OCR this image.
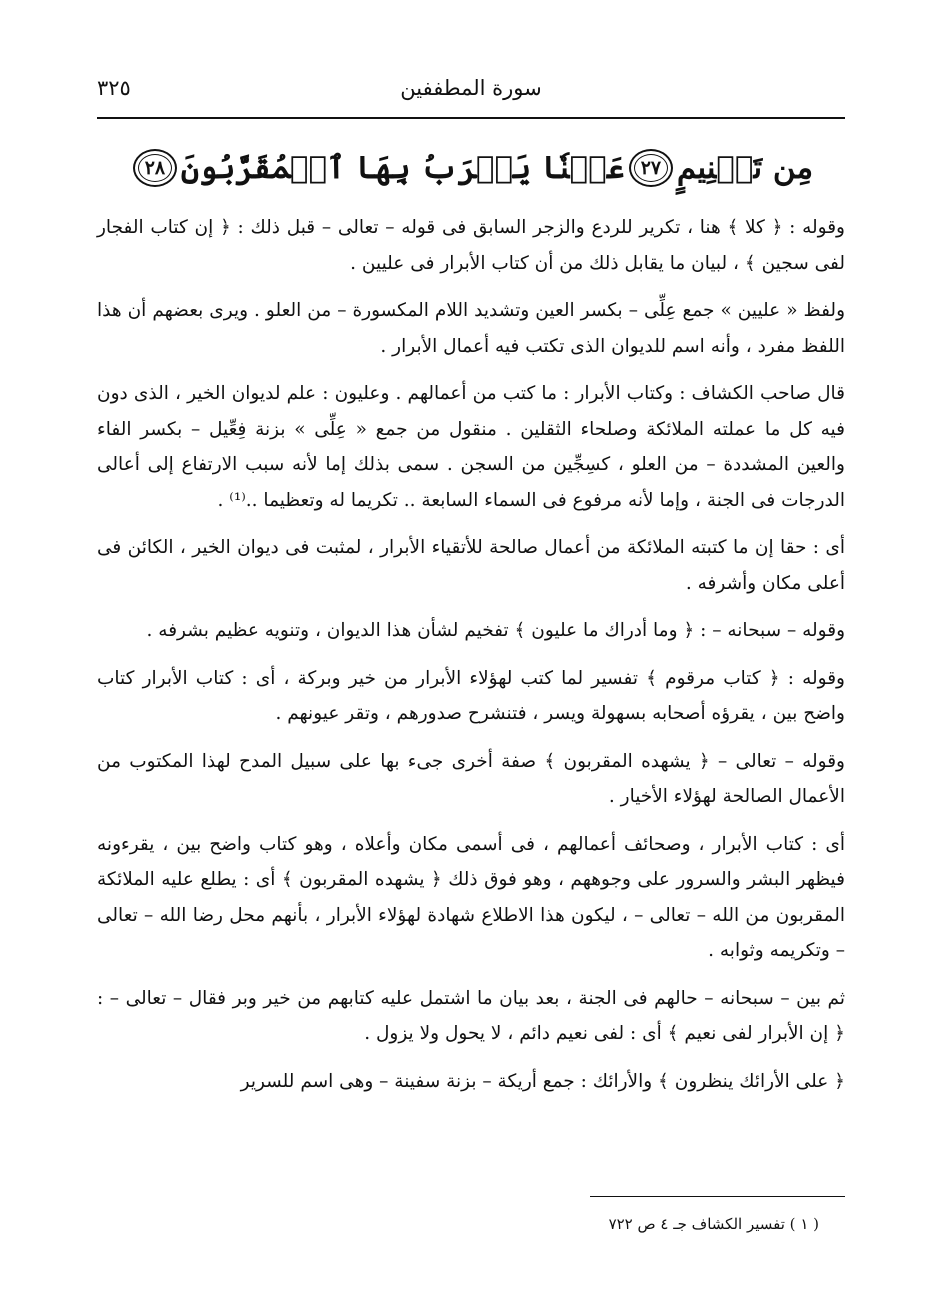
سورة المطففين
٣٢٥
مِن تَسۡنِيمٍ
٢٧
عَيۡنٗا يَشۡرَبُ بِهَا ٱلۡمُقَرَّبُونَ
٢٨

وقوله : ﴿ كلا ﴾ هنا ، تكرير للردع والزجر السابق فى قوله – تعالى – قبل ذلك : ﴿ إن كتاب الفجار لفى سجين ﴾ ، لبيان ما يقابل ذلك من أن كتاب الأبرار فى عليين .

ولفظ « عليين » جمع عِلِّى – بكسر العين وتشديد اللام المكسورة – من العلو . ويرى بعضهم أن هذا اللفظ مفرد ، وأنه اسم للديوان الذى تكتب فيه أعمال الأبرار .

قال صاحب الكشاف : وكتاب الأبرار : ما كتب من أعمالهم . وعليون : علم لديوان الخير ، الذى دون فيه كل ما عملته الملائكة وصلحاء الثقلين . منقول من جمع « عِلِّى » بزنة فِعِّيل – بكسر الفاء والعين المشددة – من العلو ، كسِجِّين من السجن . سمى بذلك إما لأنه سبب الارتفاع إلى أعالى الدرجات فى الجنة ، وإما لأنه مرفوع فى السماء السابعة .. تكريما له وتعظيما ..⁽¹⁾ .

أى : حقا إن ما كتبته الملائكة من أعمال صالحة للأتقياء الأبرار ، لمثبت فى ديوان الخير ، الكائن فى أعلى مكان وأشرفه .

وقوله – سبحانه – : ﴿ وما أدراك ما عليون ﴾ تفخيم لشأن هذا الديوان ، وتنويه عظيم بشرفه .

وقوله : ﴿ كتاب مرقوم ﴾ تفسير لما كتب لهؤلاء الأبرار من خير وبركة ، أى : كتاب الأبرار كتاب واضح بين ، يقرؤه أصحابه بسهولة ويسر ، فتنشرح صدورهم ، وتقر عيونهم .

وقوله – تعالى – ﴿ يشهده المقربون ﴾ صفة أخرى جىء بها على سبيل المدح لهذا المكتوب من الأعمال الصالحة لهؤلاء الأخيار .

أى : كتاب الأبرار ، وصحائف أعمالهم ، فى أسمى مكان وأعلاه ، وهو كتاب واضح بين ، يقرءونه فيظهر البشر والسرور على وجوههم ، وهو فوق ذلك ﴿ يشهده المقربون ﴾ أى : يطلع عليه الملائكة المقربون من الله – تعالى – ، ليكون هذا الاطلاع شهادة لهؤلاء الأبرار ، بأنهم محل رضا الله – تعالى – وتكريمه وثوابه .

ثم بين – سبحانه – حالهم فى الجنة ، بعد بيان ما اشتمل عليه كتابهم من خير وبر فقال – تعالى – : ﴿ إن الأبرار لفى نعيم ﴾ أى : لفى نعيم دائم ، لا يحول ولا يزول .

﴿ على الأرائك ينظرون ﴾ والأرائك : جمع أريكة – بزنة سفينة – وهى اسم للسرير

( ١ ) تفسير الكشاف جـ ٤ ص ٧٢٢
